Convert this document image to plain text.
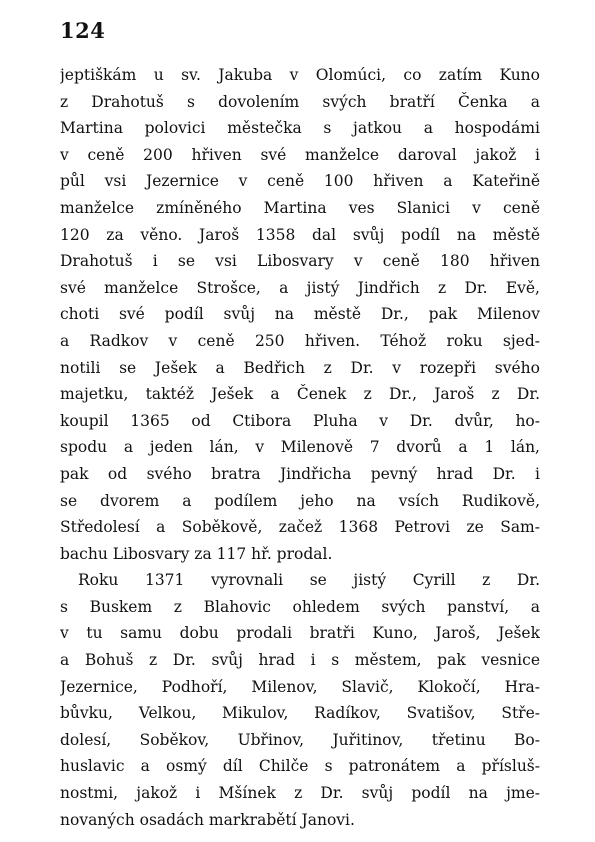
124
jeptiškám u sv. Jakuba v Olomúci, co zatím Kuno
z Drahotuš s dovolením svých bratří Čenka a
Martina polovici městečka s jatkou a hospodámi
v ceně 200 hřiven své manželce daroval jakož i
půl vsi Jezernice v ceně 100 hřiven a Kateřině
manželce zmíněného Martina ves Slanici v ceně
120 za věno. Jaroš 1358 dal svůj podíl na městě
Drahotuš i se vsi Libosvary v ceně 180 hřiven
své manželce Strošce, a jistý Jindřich z Dr. Evě,
choti své podíl svůj na městě Dr., pak Milenov
a Radkov v ceně 250 hřiven. Téhož roku sjed-
notili se Ješek a Bedřich z Dr. v rozepři svého
majetku, taktéž Ješek a Čenek z Dr., Jaroš z Dr.
koupil 1365 od Ctibora Pluha v Dr. dvůr, ho-
spodu a jeden lán, v Milenově 7 dvorů a 1 lán,
pak od svého bratra Jindřicha pevný hrad Dr. i
se dvorem a podílem jeho na vsích Rudikově,
Středolesí a Soběkově, začež 1368 Petrovi ze Sam-
bachu Libosvary za 117 hř. prodal.
Roku 1371 vyrovnali se jistý Cyrill z Dr.
s Buskem z Blahovic ohledem svých panství, a
v tu samu dobu prodali bratři Kuno, Jaroš, Ješek
a Bohuš z Dr. svůj hrad i s městem, pak vesnice
Jezernice, Podhoří, Milenov, Slavič, Klokočí, Hra-
bůvku, Velkou, Mikulov, Radíkov, Svatišov, Stře-
dolesí, Soběkov, Ubřinov, Juřitinov, třetinu Bo-
huslavic a osmý díl Chilče s patronátem a přísluš-
nostmi, jakož i Mšínek z Dr. svůj podíl na jme-
novaných osadách markrabětí Janovi.
